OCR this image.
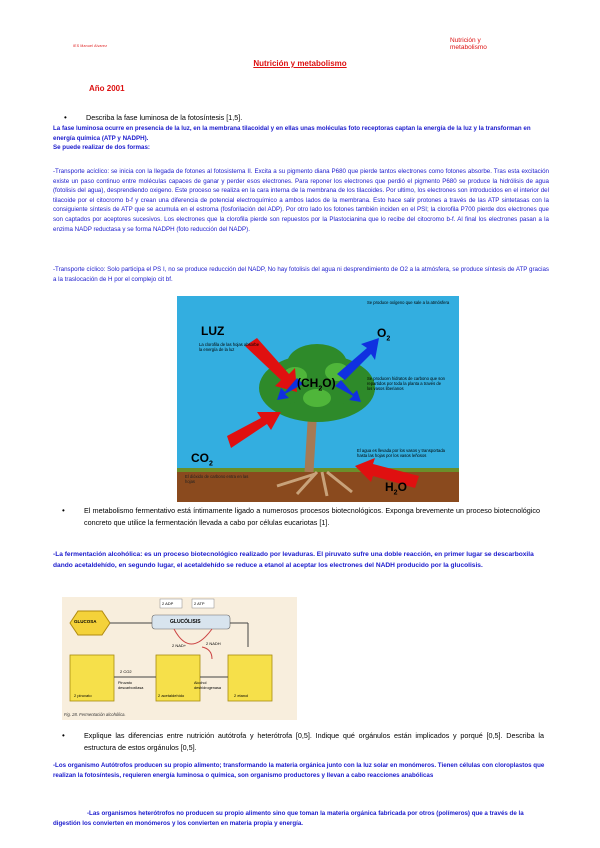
IES Manuel Alvarez
Nutrición y
metabolismo
Nutrición y metabolismo
Año 2001
•	Describa la fase luminosa de la fotosíntesis [1,5].
La fase luminosa ocurre en presencia de la luz, en la membrana tilacoidal y en ellas unas moléculas foto receptoras captan la energía de la luz y la transforman en energía química (ATP y NADPH).
Se puede realizar de dos formas:
-Transporte acíclico: se inicia con la llegada de fotones al fotosistema II. Excita a su pigmento diana P680 que pierde tantos electrones como fotones absorbe. Tras esta excitación existe un paso continuo entre moléculas capaces de ganar y perder esos electrones. Para reponer los electrones que perdió el pigmento P680 se produce la hidrólisis de agua (fotolisis del agua), desprendiendo oxigeno. Este proceso se realiza en la cara interna de la membrana de los tilacoides. Por ultimo, los electrones son introducidos en el interior del tilacoide por el citocromo b-f y crean una diferencia de potencial electroquímico a ambos lados de la membrana. Esto hace salir protones a través de las ATP sintetasas con la consiguiente síntesis de ATP que se acumula en el estroma (fosforilación del ADP). Por otro lado los fotones también inciden en el PSI; la clorofila P700 pierde dos electrones que son captados por aceptores sucesivos. Los electrones que la clorofila pierde son repuestos por la Plastocianina que lo recibe del citocromo b-f. Al final los electrones pasan a la enzima NADP reductasa y se forma NADPH (foto reducción del NADP).
-Transporte cíclico: Solo participa el PS I, no se produce reducción del NADP, No hay fotolisis del agua ni desprendimiento de O2 a la atmósfera, se produce síntesis de ATP gracias a la traslocación de H por el complejo cit bf.
LUZ	$O_2$
$(CH_2O)$
$CO_2$
$H_2O$
Se produce oxígeno que sale a la atmósfera
La clorofila de las hojas absorbe la energía de la luz
Se producen hidratos de carbono que son repartidos por toda la planta a través de los vasos liberianos
El agua es llevada por los vasos y transportada hasta las hojas por los vasos leñosos
El dióxido de carbono entra en las hojas
•	El metabolismo fermentativo está íntimamente ligado a numerosos procesos biotecnológicos. Exponga brevemente un proceso biotecnológico concreto que utilice la fermentación llevada a cabo por células eucariotas [1].
-La fermentación alcohólica: es un proceso biotecnológico realizado por levaduras. El piruvato sufre una doble reacción, en primer lugar se descarboxila dando acetaldehído, en segundo lugar, el acetaldehído se reduce a etanol al aceptar los electrones del NADH producido por la glucolisis.
GLUCOSA	GLUCÓLISIS
2 ADP	2 ATP
2 NAD+	2 NADH
2 CO2
Piruvato descarboxilasa
Alcohol deshidrogenasa
2 piruvato	2 acetaldehído	2 etanol
Fig. 28. Fermentación alcohólica.
•	Explique las diferencias entre nutrición autótrofa y heterótrofa [0,5]. Indique qué orgánulos están implicados y porqué [0,5]. Describa la estructura de estos orgánulos [0,5].
-Los organismo Autótrofos producen su propio alimento; transformando la materia orgánica junto con la luz solar en monómeros. Tienen células con cloroplastos que realizan la fotosíntesis, requieren energía luminosa o química, son organismo productores y llevan a cabo reacciones anabólicas
-Las organismos heterótrofos no producen su propio alimento sino que toman la materia orgánica fabricada por otros (polímeros) que a través de la digestión los convierten en monómeros y los convierten en materia propia y energía.
